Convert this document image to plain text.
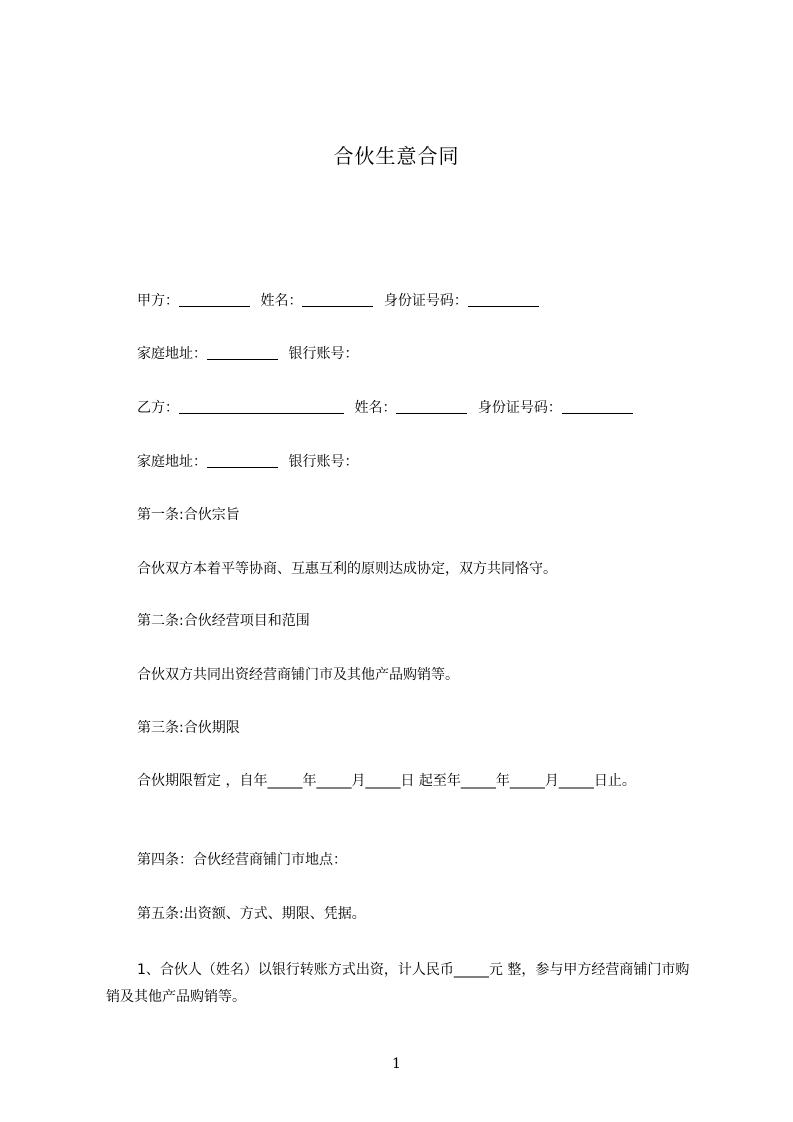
合伙生意合同
甲方：	姓名：	身份证号码：
家庭地址：	银行账号：
乙方：	姓名：	身份证号码：
家庭地址：	银行账号：
第一条:合伙宗旨
合伙双方本着平等协商、互惠互利的原则达成协定，双方共同恪守。
第二条:合伙经营项目和范围
合伙双方共同出资经营商铺门市及其他产品购销等。
第三条:合伙期限
合伙期限暂定 ，自年_____年_____月_____日 起至年_____年_____月_____日止。
第四条：合伙经营商铺门市地点：
第五条:出资额、方式、期限、凭据。
1、合伙人（姓名）以银行转账方式出资，计人民币_____元 整，参与甲方经营商铺门市购销及其他产品购销等。
1
